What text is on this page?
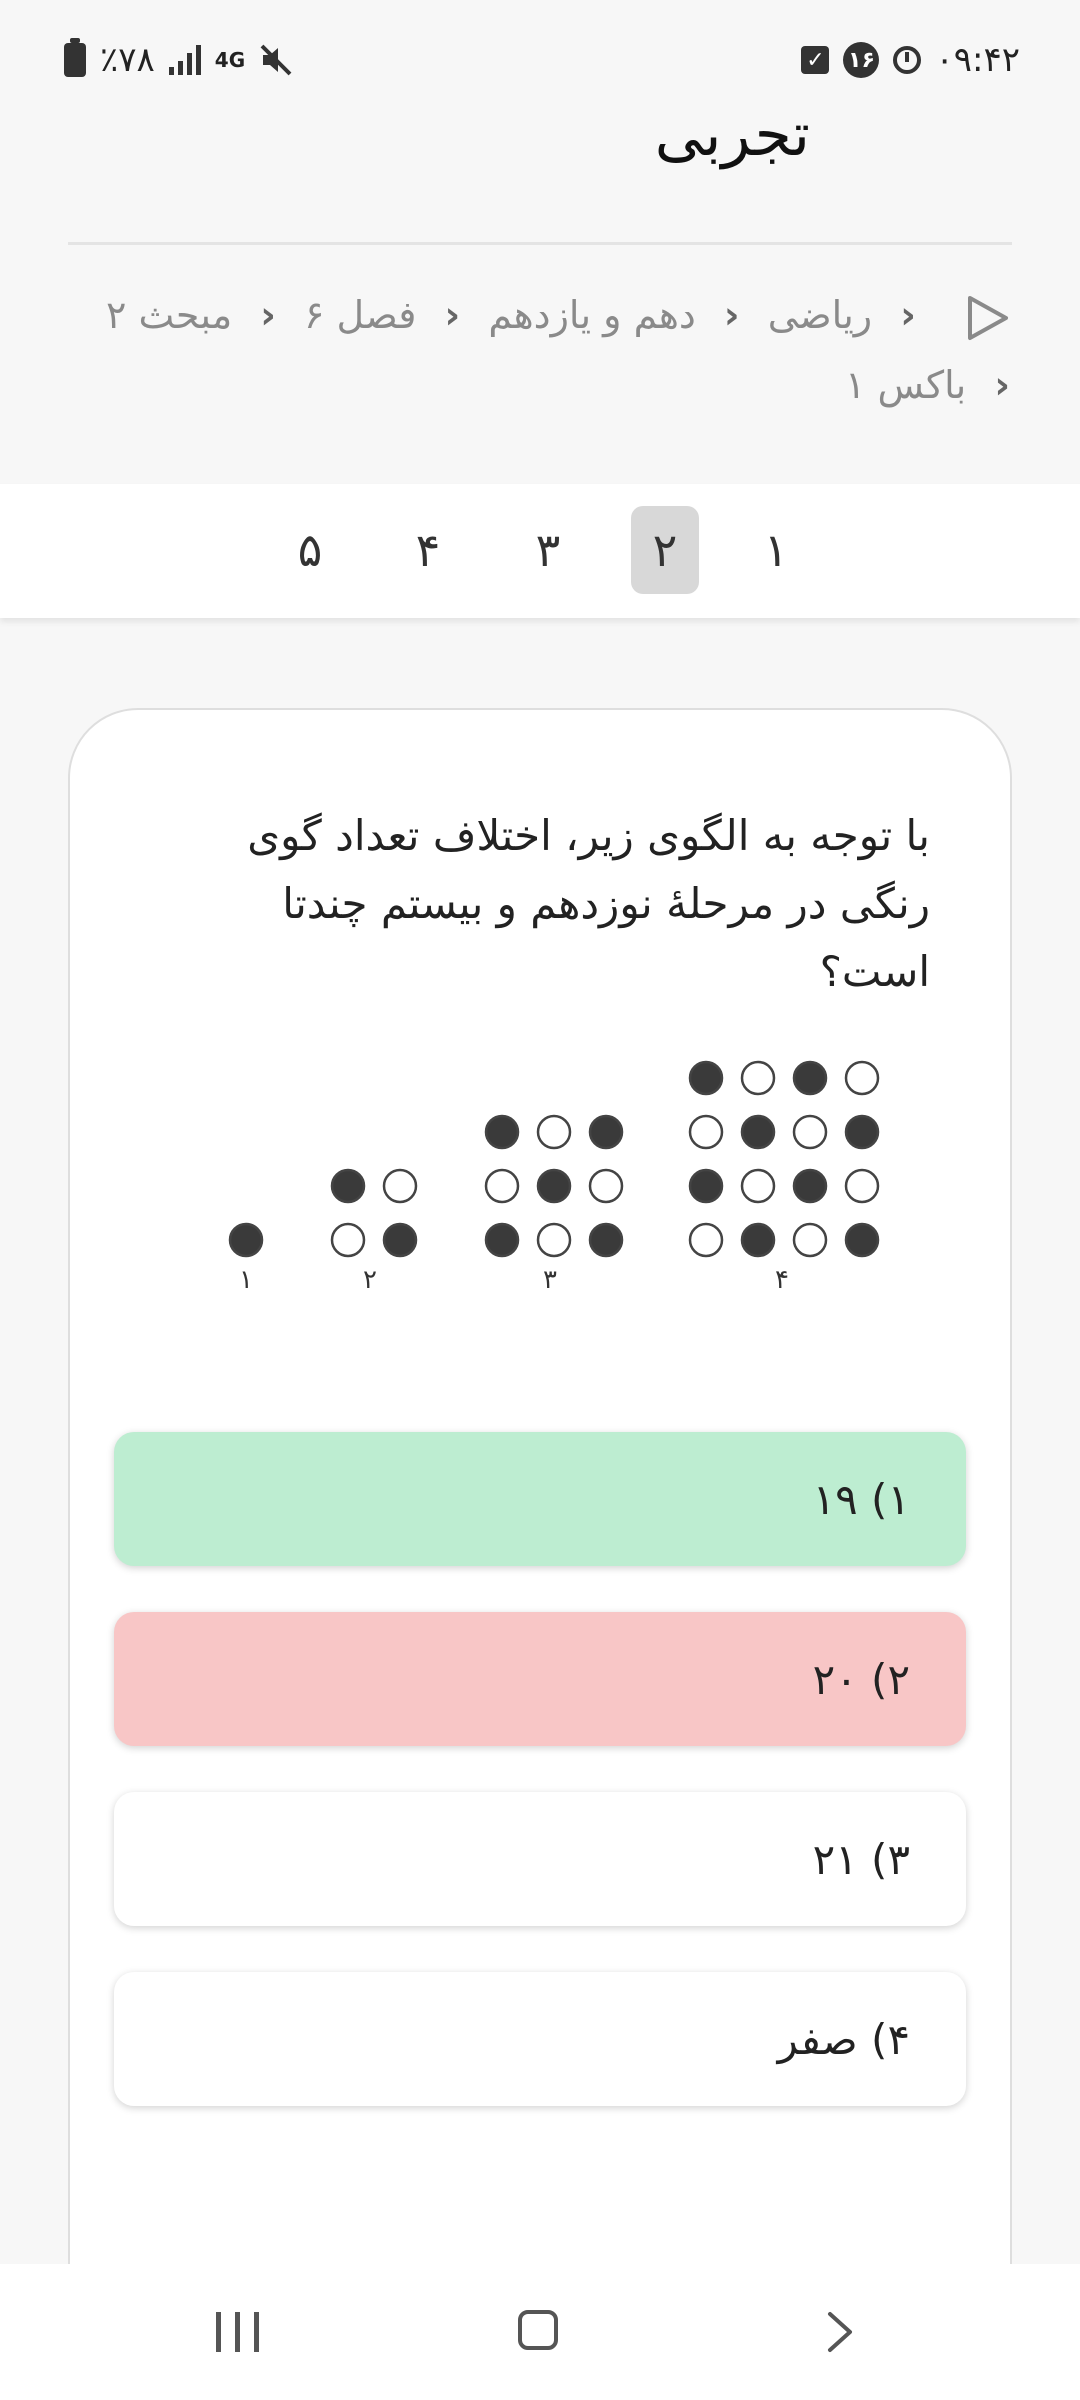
٪۷۸	4G	✓ ۱۶ ۰۹:۴۲
تجربی
‹ ریاضی ‹ دهم و یازدهم ‹ فصل ۶ ‹ مبحث ۲
‹ باکس ۱
۱
۲
۳
۴
۵
با توجه به الگوی زیر، اختلاف تعداد گوی رنگی در مرحلۀ نوزدهم و بیستم چندتا است؟
۱	۲	۳	۴
۱) ۱۹
۲) ۲۰
۳) ۲۱
۴) صفر
